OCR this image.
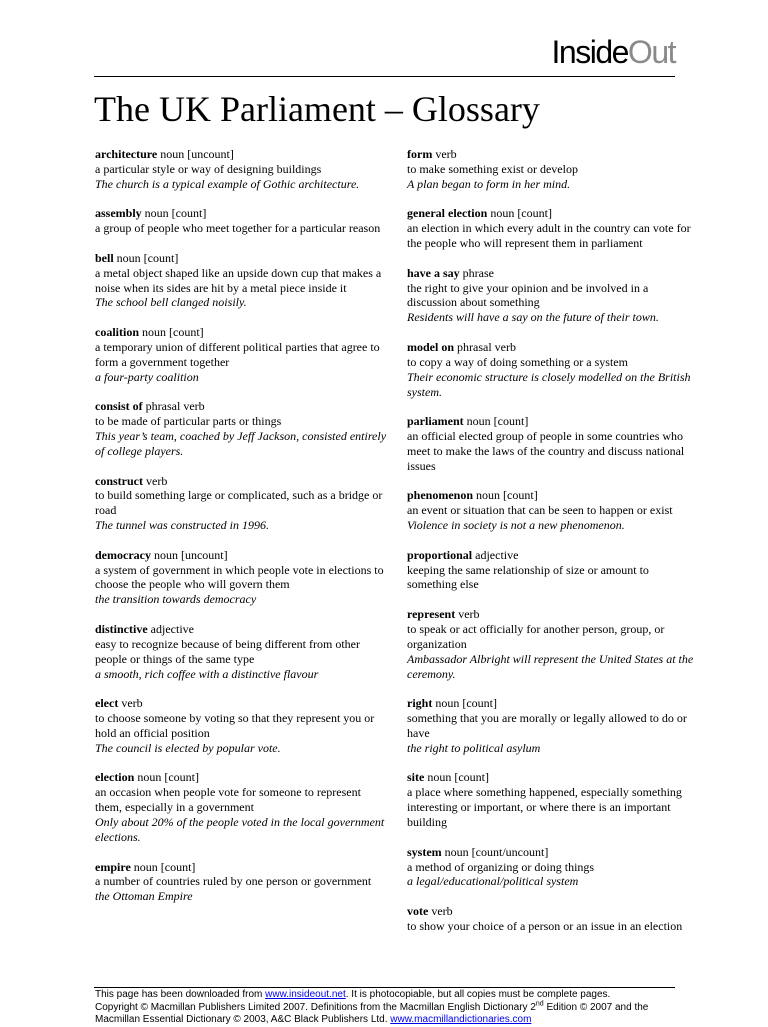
InsideOut
The UK Parliament – Glossary
architecture noun [uncount]
a particular style or way of designing buildings
The church is a typical example of Gothic architecture.
assembly noun [count]
a group of people who meet together for a particular reason
bell noun [count]
a metal object shaped like an upside down cup that makes a noise when its sides are hit by a metal piece inside it
The school bell clanged noisily.
coalition noun [count]
a temporary union of different political parties that agree to form a government together
a four-party coalition
consist of phrasal verb
to be made of particular parts or things
This year’s team, coached by Jeff Jackson, consisted entirely of college players.
construct verb
to build something large or complicated, such as a bridge or road
The tunnel was constructed in 1996.
democracy noun [uncount]
a system of government in which people vote in elections to choose the people who will govern them
the transition towards democracy
distinctive adjective
easy to recognize because of being different from other people or things of the same type
a smooth, rich coffee with a distinctive flavour
elect verb
to choose someone by voting so that they represent you or hold an official position
The council is elected by popular vote.
election noun [count]
an occasion when people vote for someone to represent them, especially in a government
Only about 20% of the people voted in the local government elections.
empire noun [count]
a number of countries ruled by one person or government
the Ottoman Empire
form verb
to make something exist or develop
A plan began to form in her mind.
general election noun [count]
an election in which every adult in the country can vote for the people who will represent them in parliament
have a say phrase
the right to give your opinion and be involved in a discussion about something
Residents will have a say on the future of their town.
model on phrasal verb
to copy a way of doing something or a system
Their economic structure is closely modelled on the British system.
parliament noun [count]
an official elected group of people in some countries who meet to make the laws of the country and discuss national issues
phenomenon noun [count]
an event or situation that can be seen to happen or exist
Violence in society is not a new phenomenon.
proportional adjective
keeping the same relationship of size or amount to something else
represent verb
to speak or act officially for another person, group, or organization
Ambassador Albright will represent the United States at the ceremony.
right noun [count]
something that you are morally or legally allowed to do or have
the right to political asylum
site noun [count]
a place where something happened, especially something interesting or important, or where there is an important building
system noun [count/uncount]
a method of organizing or doing things
a legal/educational/political system
vote verb
to show your choice of a person or an issue in an election
This page has been downloaded from www.insideout.net. It is photocopiable, but all copies must be complete pages.
Copyright © Macmillan Publishers Limited 2007. Definitions from the Macmillan English Dictionary 2nd Edition © 2007 and the
Macmillan Essential Dictionary © 2003, A&C Black Publishers Ltd. www.macmillandictionaries.com
